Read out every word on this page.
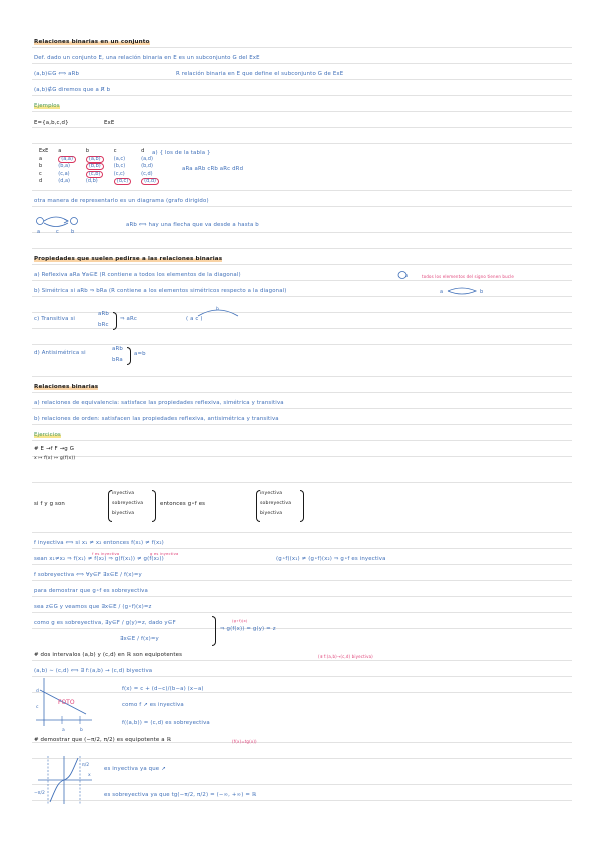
Relaciones binarias en un conjunto
Def. dado un conjunto E, una relación binaria en E es un subconjunto G del ExE
(a,b)∈G ⟺ aRb	R relación binaria en E que define el subconjunto G de ExE
(a,b)∉G diremos que a R̸ b
Ejemplos
E={a,b,c,d}	ExE
ExE	a	b	c	d
a	(a,a)	(a,b)	(a,c)	(a,d)
b	(b,a)	(b,b)	(b,c)	(b,d)
c	(c,a)	(c,b)	(c,c)	(c,d)
d	(d,a)	(d,b)	(d,c)	(d,d)
a) { los de la tabla }
aRa aRb cRb aRc dRd
otra manera de representarlo es un diagrama (grafo dirigido)
a	b
c
aRb ⟺ hay una flecha que va desde a hasta b
Propiedades que suelen pedirse a las relaciones binarias
a) Reflexiva aRa ∀a∈E (R contiene a todos los elementos de la diagonal)	a	todos los elementos del signo tienen bucle
b) Simétrica si aRb ⇒ bRa (R contiene a los elementos simétricos respecto a la diagonal)	a	b
c) Transitiva si
aRb
bRc
⇒ aRc	( a c )
b
d) Antisimétrica si
aRb
bRa
a=b
Relaciones binarias
a) relaciones de equivalencia: satisface las propiedades reflexiva, simétrica y transitiva
b) relaciones de orden: satisfacen las propiedades reflexiva, antisimétrica y transitiva
Ejercicios
# E →f F →g G
x ↦ f(x) ↦ g(f(x))
si f y g son
inyectiva
sobreyectiva
biyectiva
entonces g∘f es
inyectiva
sobreyectiva
biyectiva
f inyectiva ⟺ si x₁ ≠ x₂ entonces f(x₁) ≠ f(x₂)
f es inyectiva	g es inyectiva
sean x₁≠x₂ ⇒ f(x₁) ≠ f(x₂) ⇒ g(f(x₁)) ≠ g(f(x₂))	(g∘f)(x₁) ≠ (g∘f)(x₂) ⇒ g∘f es inyectiva
f sobreyectiva ⟺ ∀y∈F ∃x∈E / f(x)=y
para demostrar que g∘f es sobreyectiva
sea z∈G y veamos que ∃x∈E / (g∘f)(x)=z
como g es sobreyectiva, ∃y∈F / g(y)=z, dado y∈F
∃x∈E / f(x)=y
(g∘f)(x)
⇒ g(f(x)) = g(y) = z
# dos intervalos (a,b) y (c,d) en ℝ son equipotentes	(∃ f:(a,b)→(c,d) biyectiva)
(a,b) ∼ (c,d) ⟺ ∃ f:(a,b) → (c,d) biyectiva
a	b
c
d
FOTO
f(x) = c + (d−c)/(b−a) (x−a)
como f ↗ es inyectiva
f((a,b)) = (c,d) es sobreyectiva
# demostrar que (−π/2, π/2) es equipotente a ℝ	(f(x)=tg(x))
π/2
−π/2
x
es inyectiva ya que ↗
es sobreyectiva ya que tg(−π/2, π/2) = (−∞, +∞) = ℝ
